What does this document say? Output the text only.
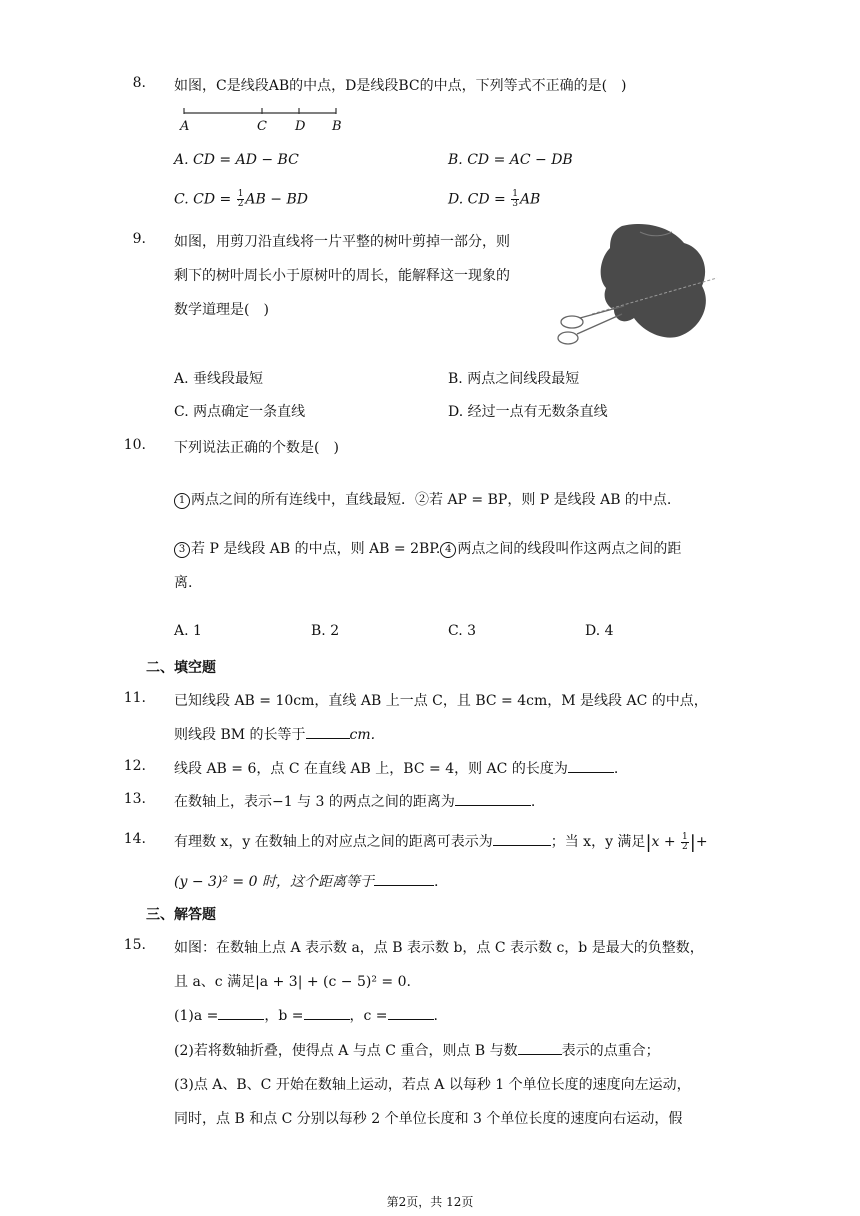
8. 如图，C是线段AB的中点，D是线段BC的中点，下列等式不正确的是(　)
A	C D B
A. CD = AD − BC	B. CD = AC − DB
C. CD = $\frac{1}{2}$ AB − BD	D. CD = $\frac{1}{3}$ AB
9. 如图，用剪刀沿直线将一片平整的树叶剪掉一部分，则
剩下的树叶周长小于原树叶的周长，能解释这一现象的
数学道理是(　)
A. 垂线段最短	B. 两点之间线段最短
C. 两点确定一条直线	D. 经过一点有无数条直线
10. 下列说法正确的个数是(　)
1 两点之间的所有连线中，直线最短．②若 AP = BP，则 P 是线段 AB 的中点.
3 若 P 是线段 AB 的中点，则 AB = 2BP. 4 两点之间的线段叫作这两点之间的距
离.
A. 1	B. 2	C. 3	D. 4
二、填空题
11. 已知线段 AB = 10cm，直线 AB 上一点 C，且 BC = 4cm，M 是线段 AC 的中点，
则线段 BM 的长等于	cm.
12. 线段 AB = 6，点 C 在直线 AB 上，BC = 4，则 AC 的长度为	.
13. 在数轴上，表示−1 与 3 的两点之间的距离为	.
14. 有理数 x，y 在数轴上的对应点之间的距离可表示为	；当 x，y 满足$|x + \frac{1}{2}$ |+
(y − 3)² = 0 时，这个距离等于	.
三、解答题
15. 如图：在数轴上点 A 表示数 a，点 B 表示数 b，点 C 表示数 c，b 是最大的负整数，
且 a、c 满足|a + 3| + (c − 5)² = 0.
(1)a =	，b =	，c =	.
(2)若将数轴折叠，使得点 A 与点 C 重合，则点 B 与数	表示的点重合；
(3)点 A、B、C 开始在数轴上运动，若点 A 以每秒 1 个单位长度的速度向左运动，
同时，点 B 和点 C 分别以每秒 2 个单位长度和 3 个单位长度的速度向右运动，假
第2页，共 12页
